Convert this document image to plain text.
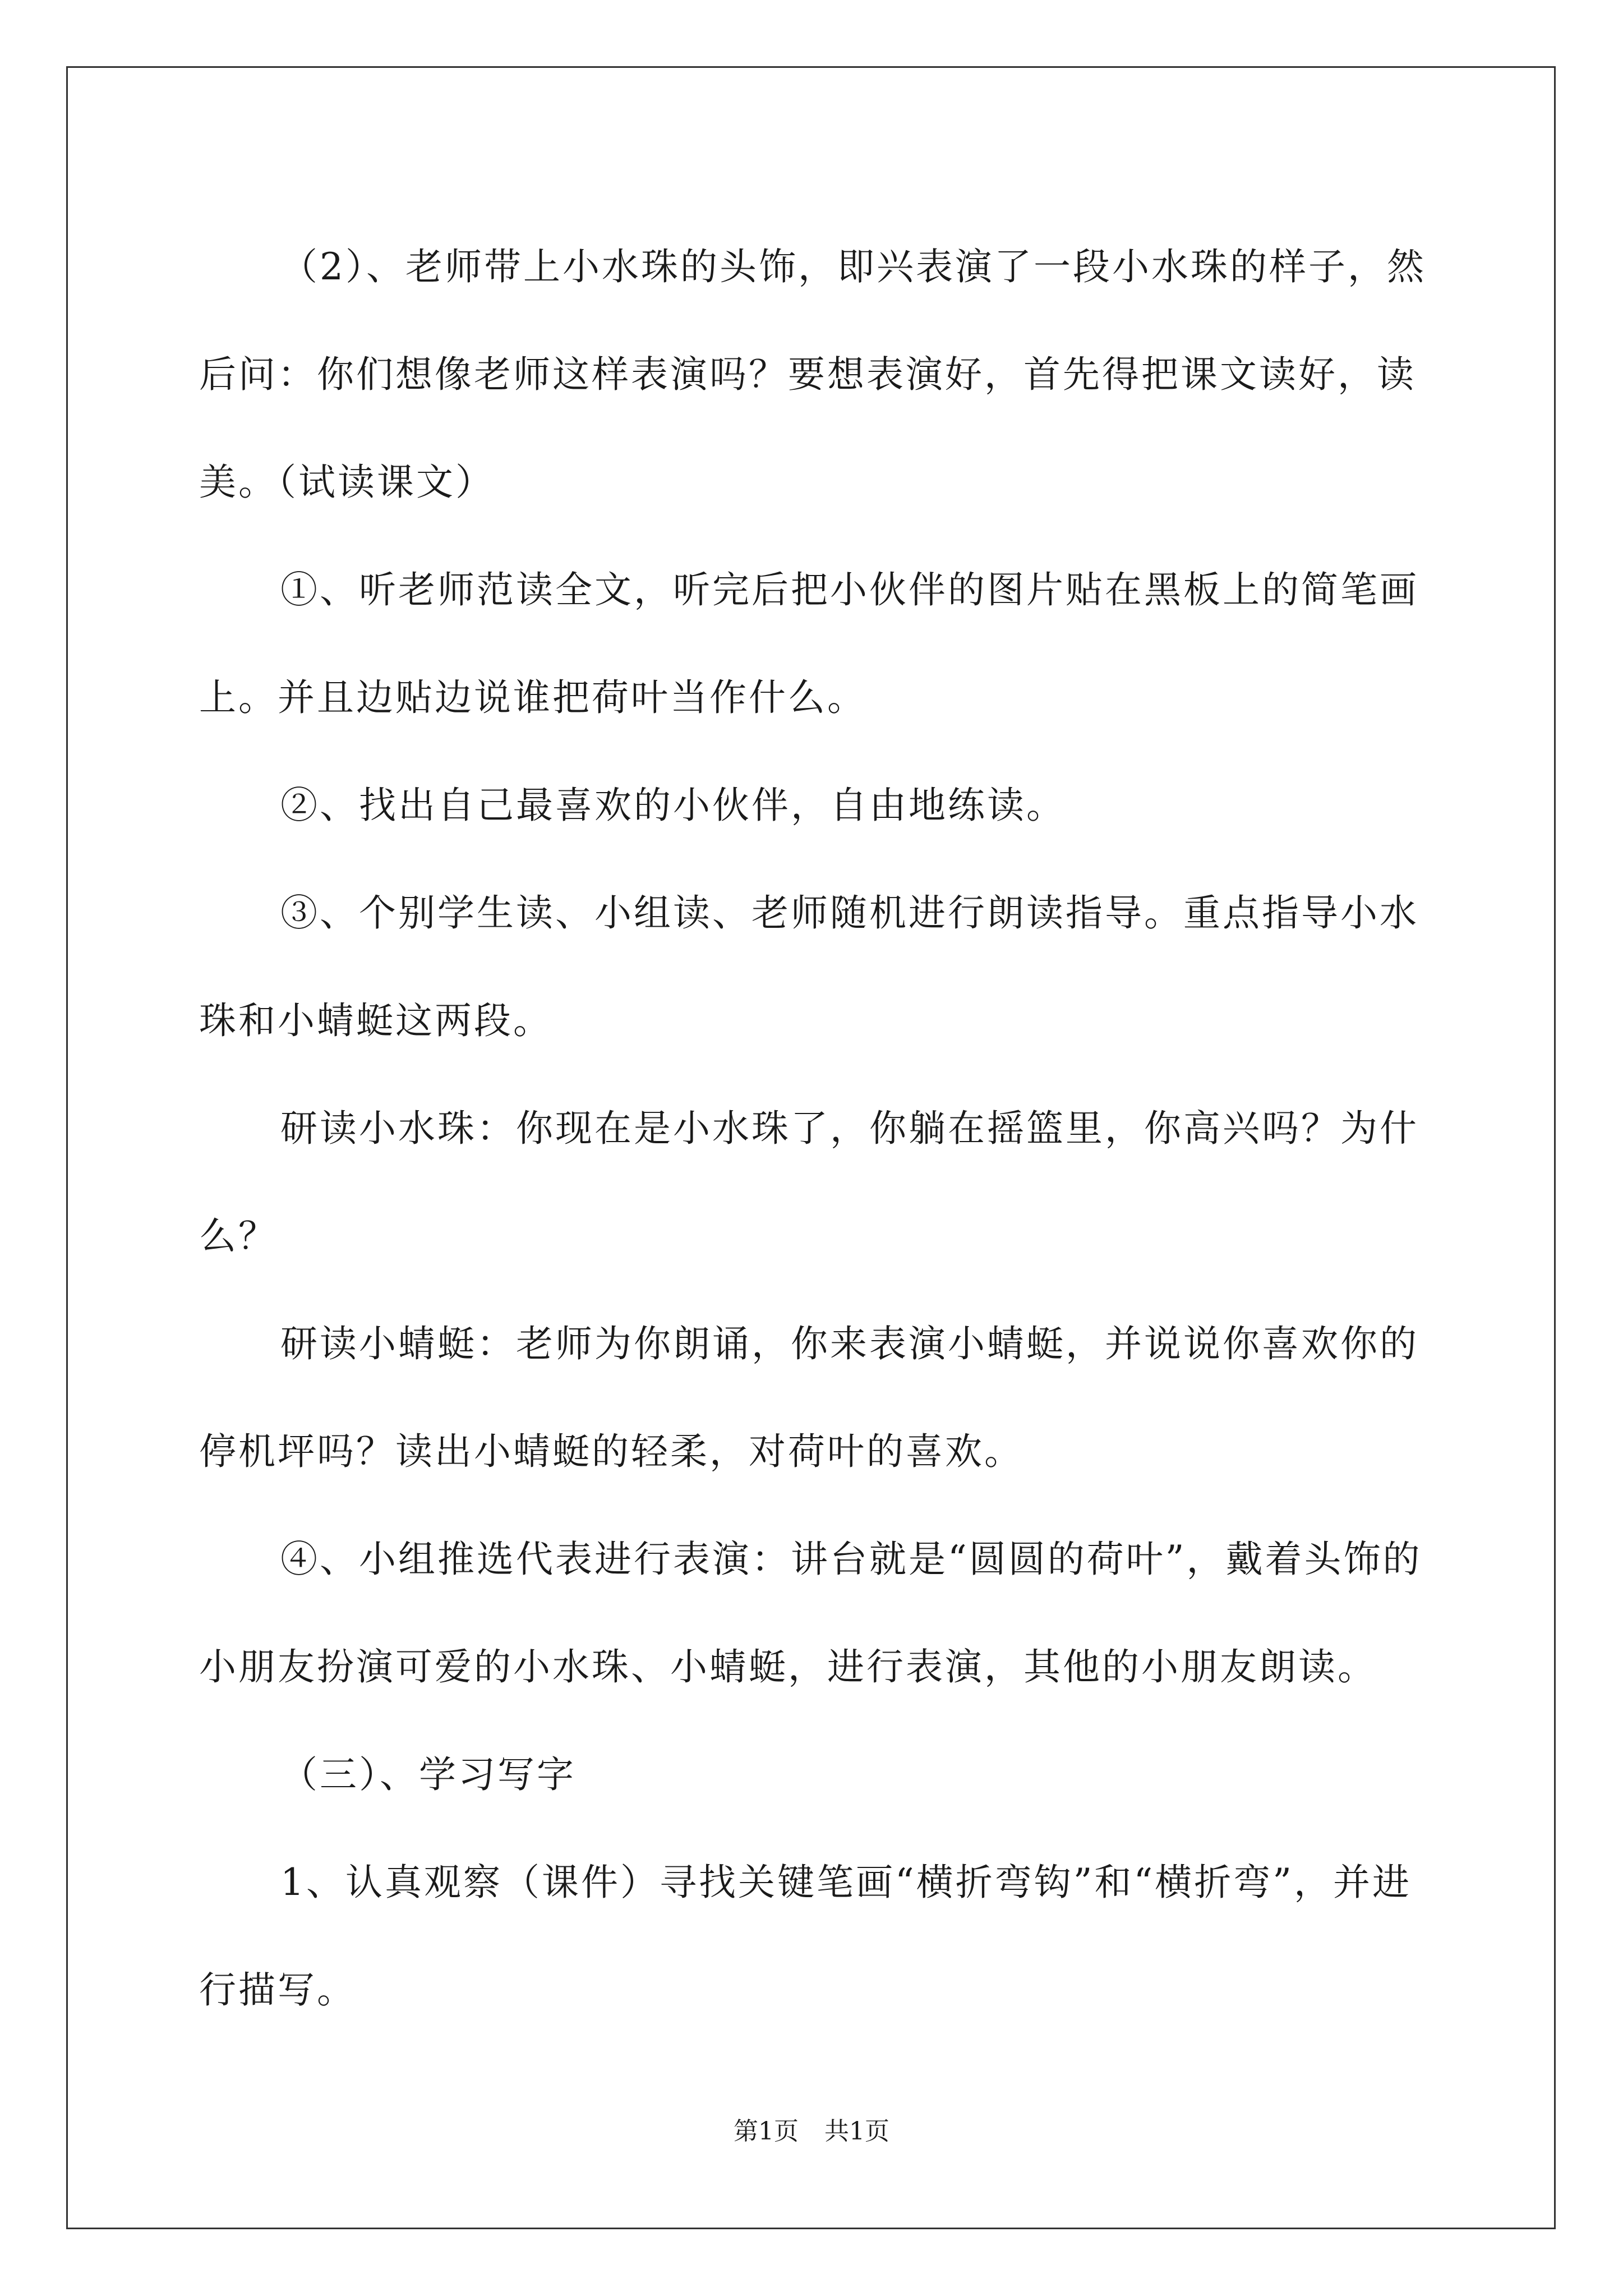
（2）、老师带上小水珠的头饰，即兴表演了一段小水珠的样子，然后问：你们想像老师这样表演吗？要想表演好，首先得把课文读好，读美。（试读课文）

①、听老师范读全文，听完后把小伙伴的图片贴在黑板上的简笔画上。并且边贴边说谁把荷叶当作什么。

②、找出自己最喜欢的小伙伴，自由地练读。

③、个别学生读、小组读、老师随机进行朗读指导。重点指导小水珠和小蜻蜓这两段。

研读小水珠：你现在是小水珠了，你躺在摇篮里，你高兴吗？为什么？

研读小蜻蜓：老师为你朗诵，你来表演小蜻蜓，并说说你喜欢你的停机坪吗？读出小蜻蜓的轻柔，对荷叶的喜欢。

④、小组推选代表进行表演：讲台就是“圆圆的荷叶”，戴着头饰的小朋友扮演可爱的小水珠、小蜻蜓，进行表演，其他的小朋友朗读。

（三）、学习写字

1、认真观察（课件）寻找关键笔画“横折弯钩”和“横折弯”，并进行描写。

第1页 共1页
